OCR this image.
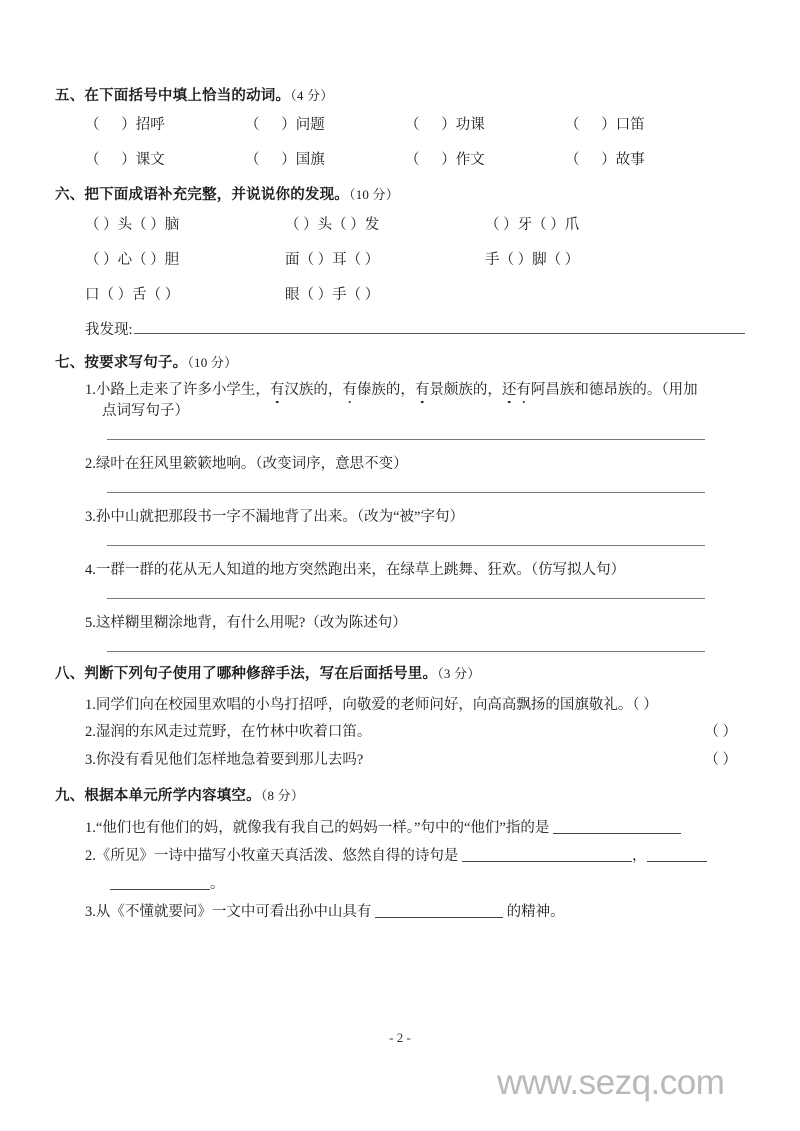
五、在下面括号中填上恰当的动词。（4 分）
（      ）招呼	（      ）问题	（      ）功课	（      ）口笛
（      ）课文	（      ）国旗	（      ）作文	（      ）故事
六、把下面成语补充完整，并说说你的发现。（10 分）
（ ）头（ ）脑	（ ）头（ ）发	（ ）牙（ ）爪
（ ）心（ ）胆	面（ ）耳（ ）	手（ ）脚（ ）
口（ ）舌（ ）	眼（ ）手（ ）
我发现:
七、按要求写句子。（10 分）
1.小路上走来了许多小学生，有汉族的，有傣族的，有景颇族的，还有阿昌族和德昂族的。（用加
点词写句子）
2.绿叶在狂风里簌簌地响。（改变词序，意思不变）
3.孙中山就把那段书一字不漏地背了出来。（改为“被”字句）
4.一群一群的花从无人知道的地方突然跑出来，在绿草上跳舞、狂欢。（仿写拟人句）
5.这样糊里糊涂地背，有什么用呢?（改为陈述句）
八、判断下列句子使用了哪种修辞手法，写在后面括号里。（3 分）
1.同学们向在校园里欢唱的小鸟打招呼，向敬爱的老师问好，向高高飘扬的国旗敬礼。（ ）
2.湿润的东风走过荒野，在竹林中吹着口笛。	（ ）
3.你没有看见他们怎样地急着要到那儿去吗?	（ ）
九、根据本单元所学内容填空。（8 分）
1.“他们也有他们的妈，就像我有我自己的妈妈一样。”句中的“他们”指的是
2.《所见》一诗中描写小牧童天真活泼、悠然自得的诗句是	，
。
3.从《不懂就要问》一文中可看出孙中山具有	的精神。
- 2 -
www.sezq.com
